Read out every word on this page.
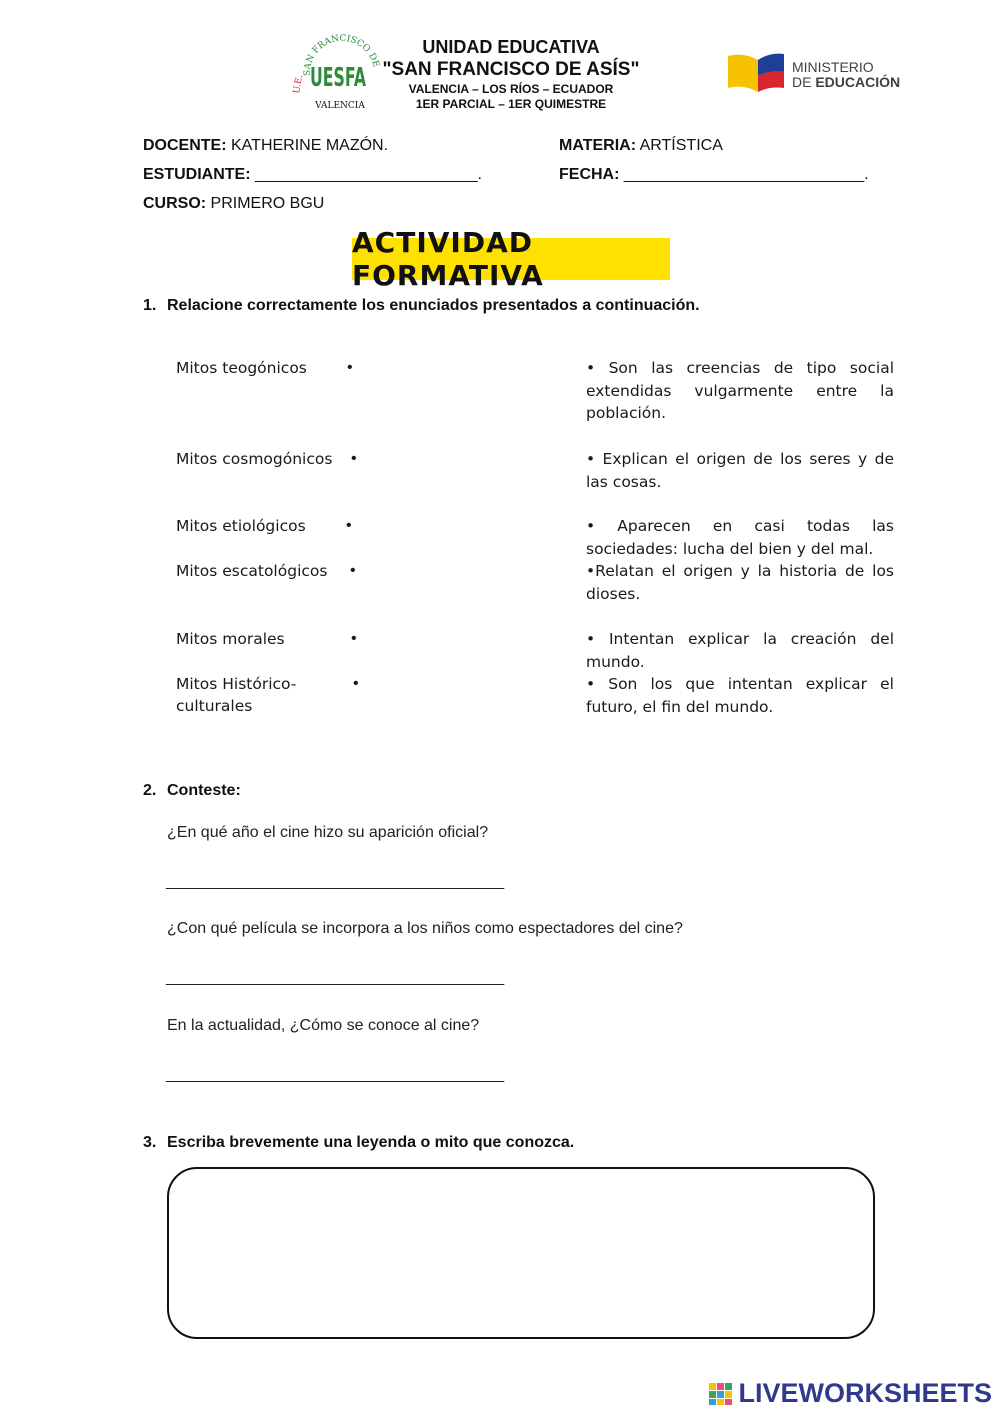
SAN FRANCISCO DE
U.E. UESFA
VALENCIA
UNIDAD EDUCATIVA
"SAN FRANCISCO DE ASÍS"
VALENCIA – LOS RÍOS – ECUADOR
1ER PARCIAL – 1ER QUIMESTRE
MINISTERIO
DE EDUCACIÓN
DOCENTE: KATHERINE MAZÓN.	MATERIA: ARTÍSTICA
ESTUDIANTE: _________________________.	FECHA: ___________________________.
CURSO: PRIMERO BGU
ACTIVIDAD FORMATIVA
1. Relacione correctamente los enunciados presentados a continuación.
Mitos teogónicos
Mitos cosmogónicos
Mitos etiológicos
Mitos escatológicos
Mitos morales
Mitos Histórico-culturales
•
•
•
•
•
•
• Son las creencias de tipo social extendidas vulgarmente entre la población.
• Explican el origen de los seres y de las cosas.
• Aparecen en casi todas las sociedades: lucha del bien y del mal.
•Relatan el origen y la historia de los dioses.
• Intentan explicar la creación del mundo.
• Son los que intentan explicar el futuro, el fin del mundo.
2. Conteste:
¿En qué año el cine hizo su aparición oficial?
______________________________________
¿Con qué película se incorpora a los niños como espectadores del cine?
______________________________________
En la actualidad, ¿Cómo se conoce al cine?
______________________________________
3. Escriba brevemente una leyenda o mito que conozca.
LIVEWORKSHEETS
